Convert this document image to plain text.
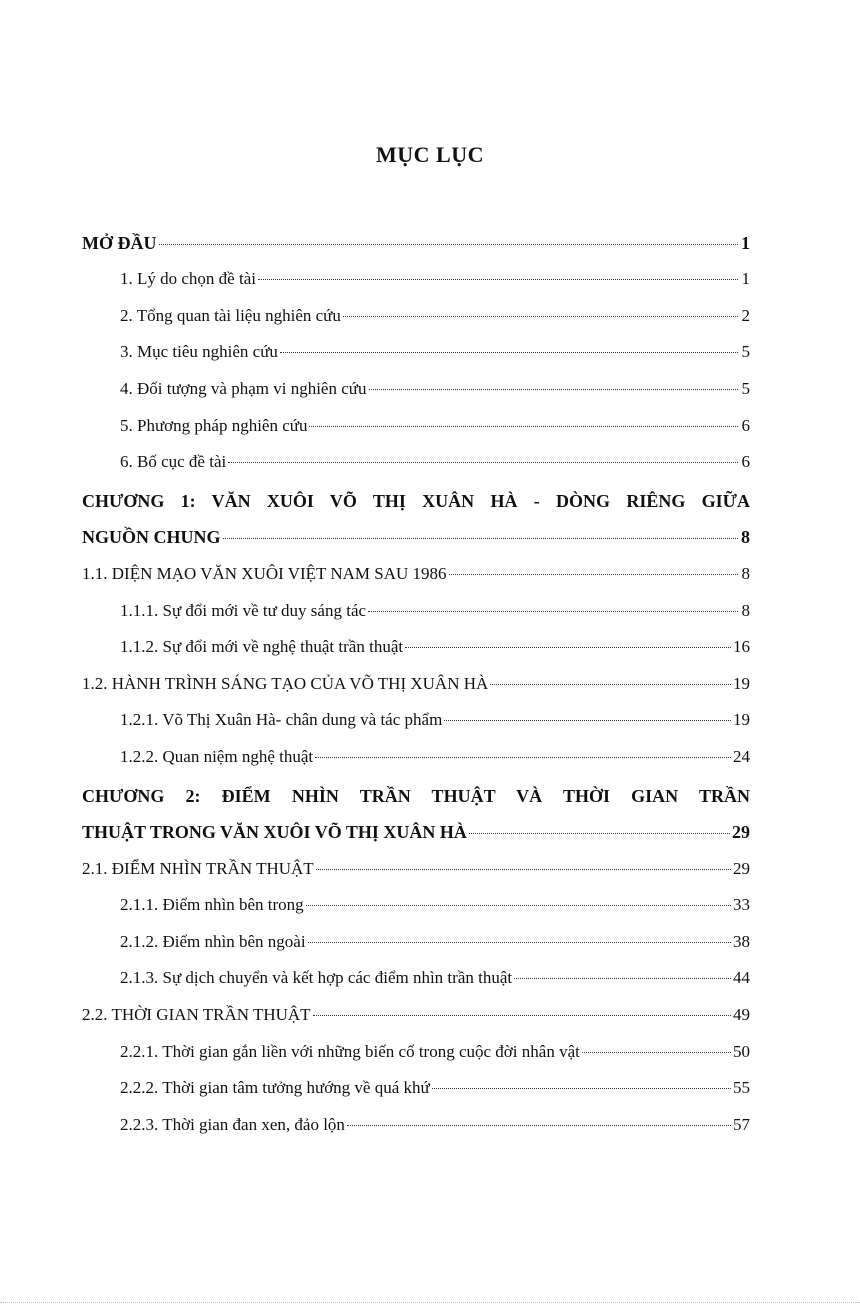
MỤC LỤC
MỞ ĐẦU	1
1. Lý do chọn đề tài	1
2. Tổng quan tài liệu nghiên cứu	2
3. Mục tiêu nghiên cứu	5
4. Đối tượng và phạm vi nghiên cứu	5
5. Phương pháp nghiên cứu	6
6. Bố cục đề tài	6
CHƯƠNG 1: VĂN XUÔI VÕ THỊ XUÂN HÀ - DÒNG RIÊNG GIỮA
NGUỒN CHUNG	8
1.1. DIỆN MẠO VĂN XUÔI VIỆT NAM SAU 1986	8
1.1.1. Sự đổi mới về tư duy sáng tác	8
1.1.2. Sự đổi mới về nghệ thuật trần thuật	16
1.2. HÀNH TRÌNH SÁNG TẠO CỦA VÕ THỊ XUÂN HÀ	19
1.2.1. Võ Thị Xuân Hà- chân dung và tác phẩm	19
1.2.2. Quan niệm nghệ thuật	24
CHƯƠNG 2: ĐIỂM NHÌN TRẦN THUẬT VÀ THỜI GIAN TRẦN
THUẬT TRONG VĂN XUÔI VÕ THỊ XUÂN HÀ	29
2.1. ĐIỂM NHÌN TRẦN THUẬT	29
2.1.1. Điểm nhìn bên trong	33
2.1.2. Điểm nhìn bên ngoài	38
2.1.3. Sự dịch chuyển và kết hợp các điểm nhìn trần thuật	44
2.2. THỜI GIAN TRẦN THUẬT	49
2.2.1. Thời gian gắn liền với những biến cố trong cuộc đời nhân vật	50
2.2.2. Thời gian tâm tưởng hướng về quá khứ	55
2.2.3. Thời gian đan xen, đảo lộn	57
